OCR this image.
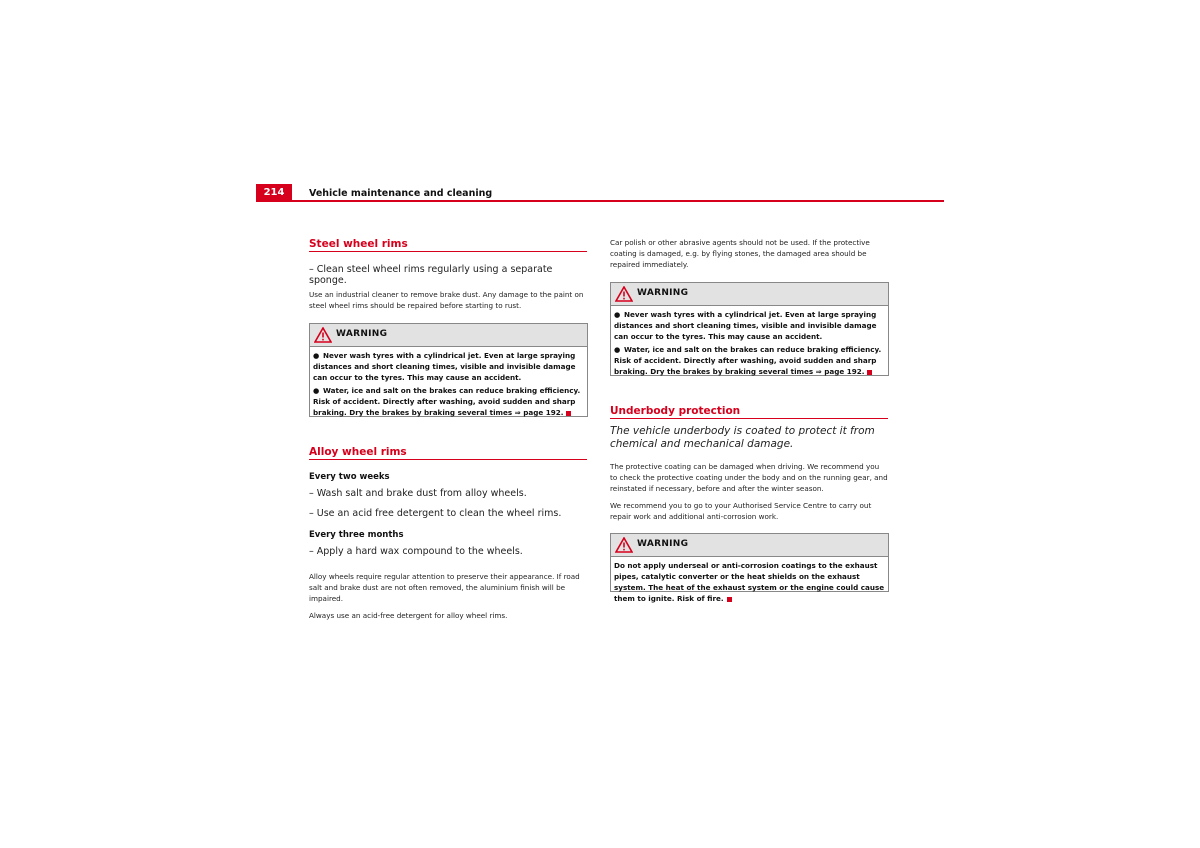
214	Vehicle maintenance and cleaning
Steel wheel rims
– Clean steel wheel rims regularly using a separate sponge.
Use an industrial cleaner to remove brake dust. Any damage to the paint on steel wheel rims should be repaired before starting to rust.
WARNING

● Never wash tyres with a cylindrical jet. Even at large spraying distances and short cleaning times, visible and invisible damage can occur to the tyres. This may cause an accident.

● Water, ice and salt on the brakes can reduce braking efficiency. Risk of accident. Directly after washing, avoid sudden and sharp braking. Dry the brakes by braking several times ⇒ page 192.

Alloy wheel rims
Every two weeks
– Wash salt and brake dust from alloy wheels.
– Use an acid free detergent to clean the wheel rims.
Every three months
– Apply a hard wax compound to the wheels.
Alloy wheels require regular attention to preserve their appearance. If road salt and brake dust are not often removed, the aluminium finish will be impaired.
Always use an acid-free detergent for alloy wheel rims.
Car polish or other abrasive agents should not be used. If the protective coating is damaged, e.g. by flying stones, the damaged area should be repaired immediately.
WARNING

● Never wash tyres with a cylindrical jet. Even at large spraying distances and short cleaning times, visible and invisible damage can occur to the tyres. This may cause an accident.

● Water, ice and salt on the brakes can reduce braking efficiency. Risk of accident. Directly after washing, avoid sudden and sharp braking. Dry the brakes by braking several times ⇒ page 192.

Underbody protection
The vehicle underbody is coated to protect it from chemical and mechanical damage.
The protective coating can be damaged when driving. We recommend you to check the protective coating under the body and on the running gear, and reinstated if necessary, before and after the winter season.
We recommend you to go to your Authorised Service Centre to carry out repair work and additional anti-corrosion work.
WARNING

Do not apply underseal or anti-corrosion coatings to the exhaust pipes, catalytic converter or the heat shields on the exhaust system. The heat of the exhaust system or the engine could cause them to ignite. Risk of fire.
